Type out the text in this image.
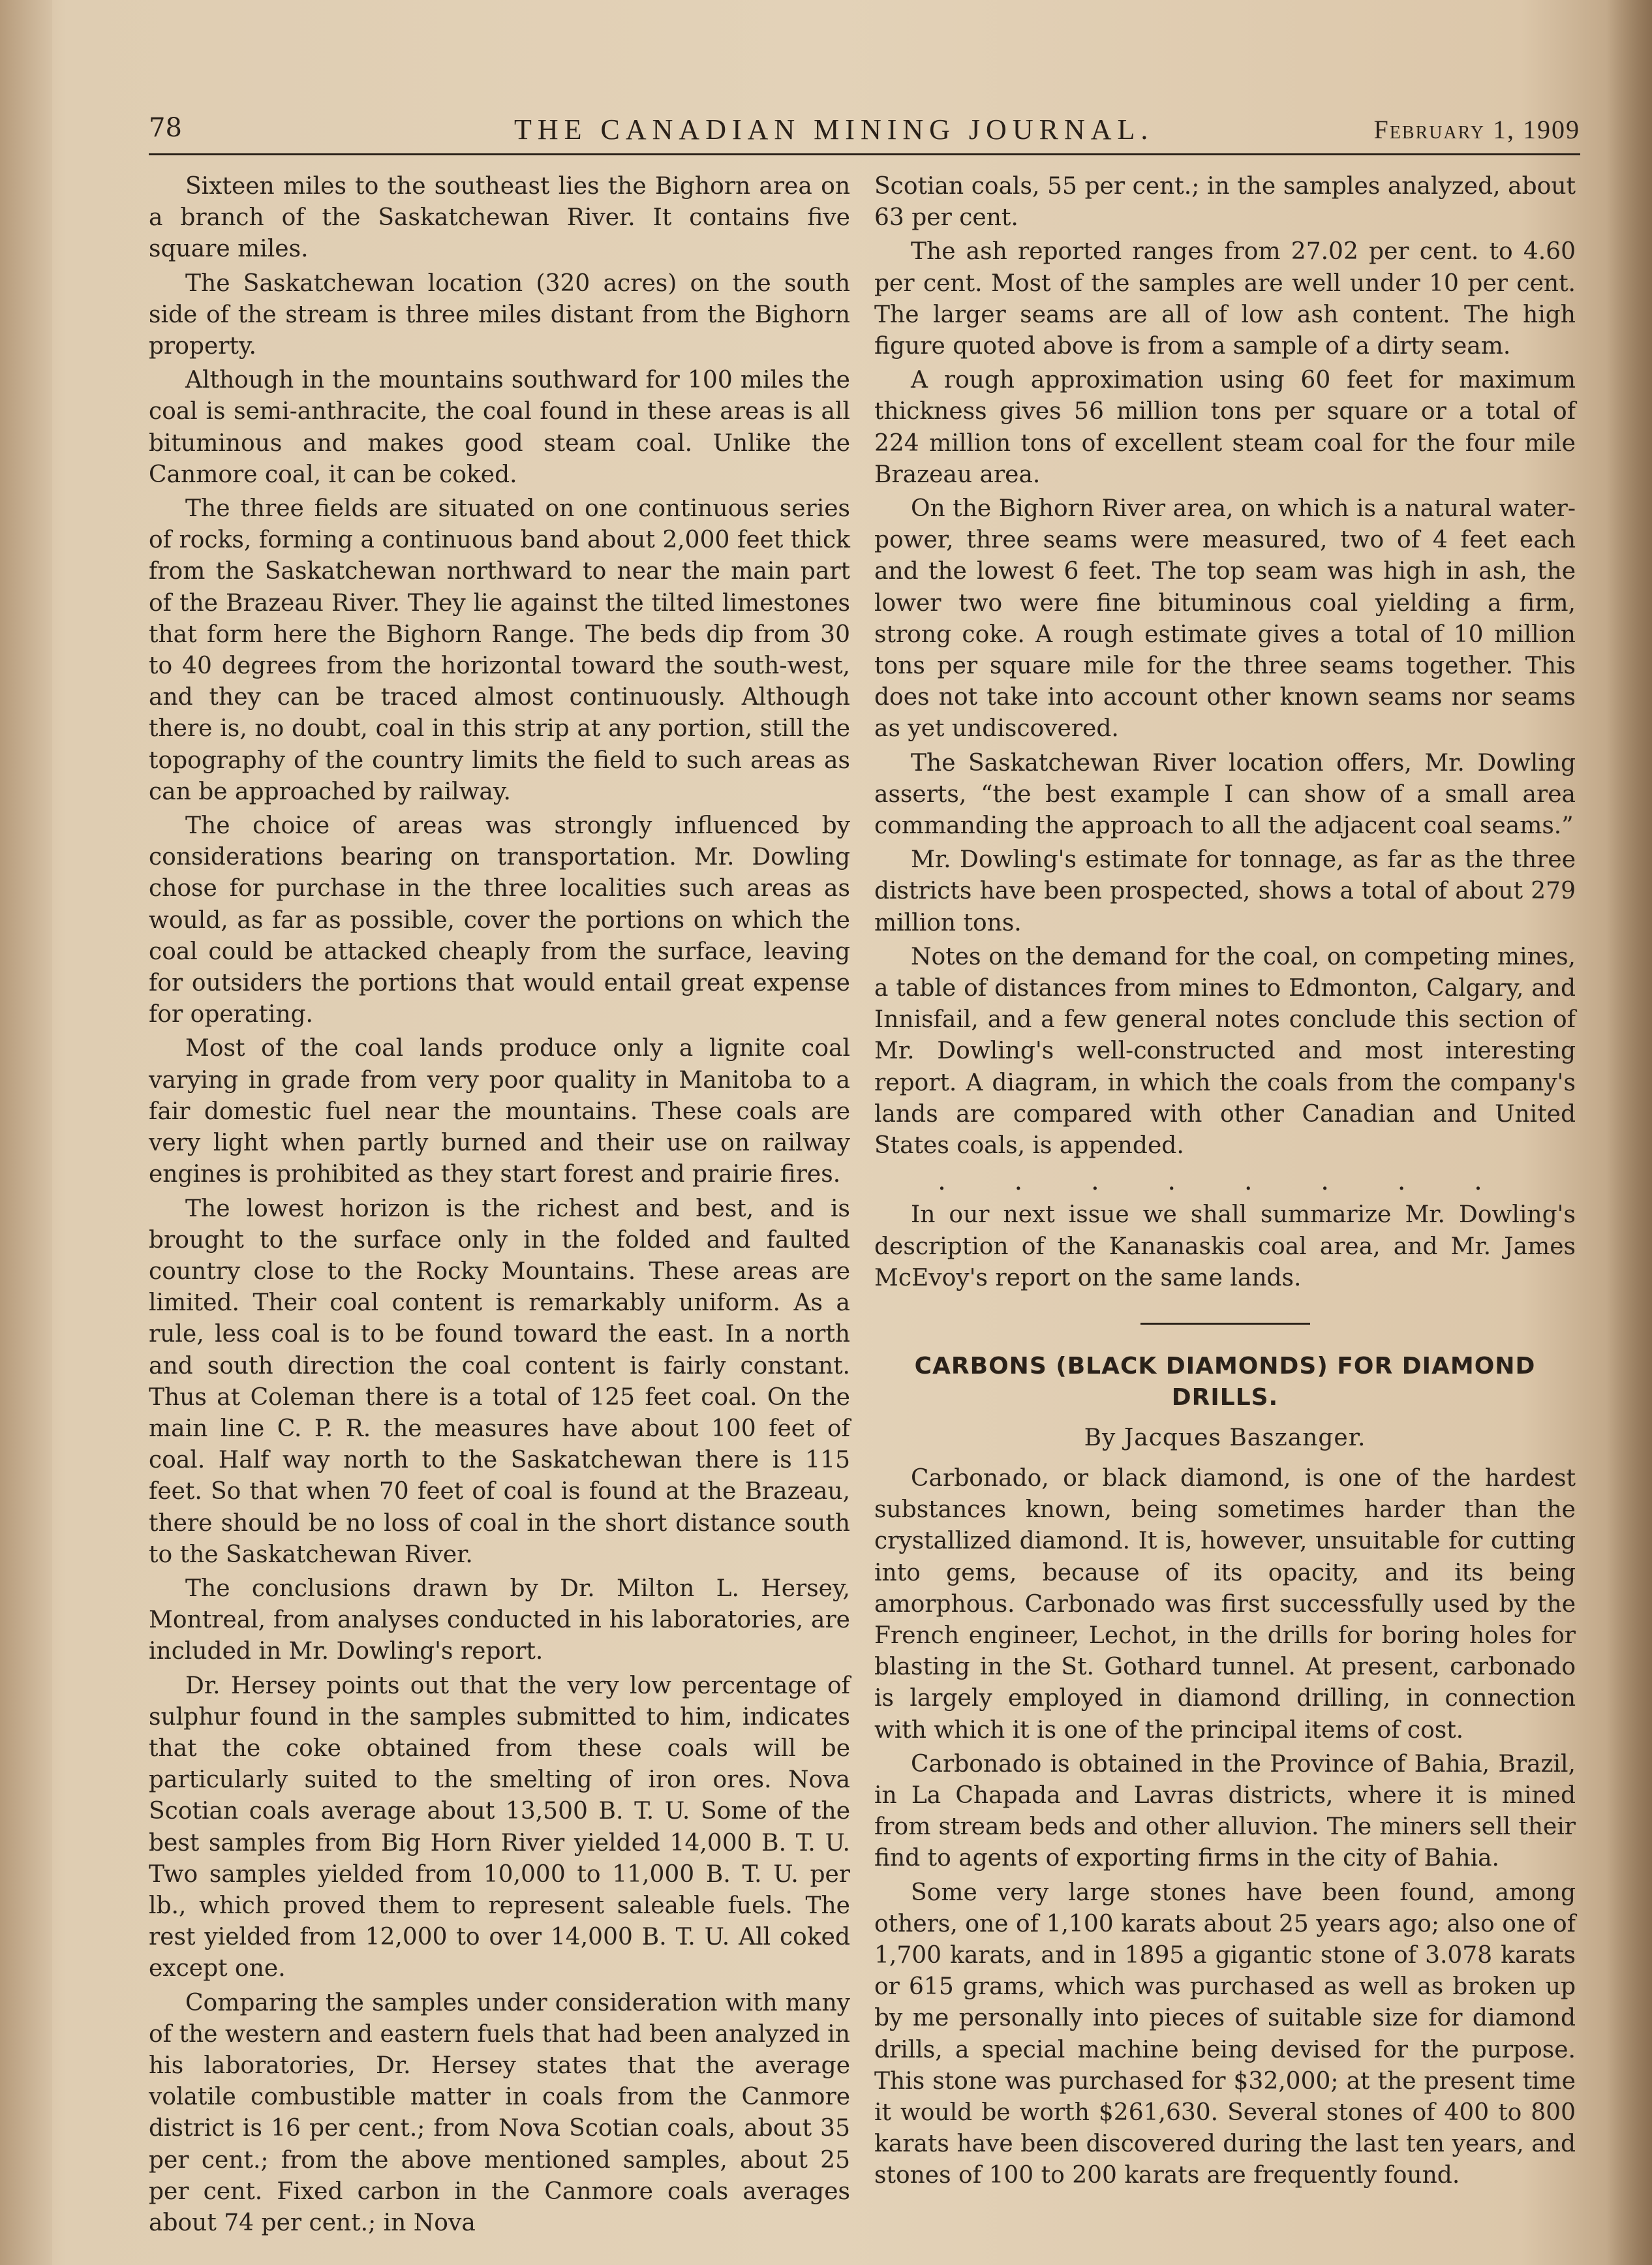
78	THE CANADIAN MINING JOURNAL.	February 1, 1909

Sixteen miles to the southeast lies the Bighorn area on a branch of the Saskatchewan River. It contains five square miles.

The Saskatchewan location (320 acres) on the south side of the stream is three miles distant from the Bighorn property.

Although in the mountains southward for 100 miles the coal is semi-anthracite, the coal found in these areas is all bituminous and makes good steam coal. Unlike the Canmore coal, it can be coked.

The three fields are situated on one continuous series of rocks, forming a continuous band about 2,000 feet thick from the Saskatchewan northward to near the main part of the Brazeau River. They lie against the tilted limestones that form here the Bighorn Range. The beds dip from 30 to 40 degrees from the horizontal toward the south-west, and they can be traced almost continuously. Although there is, no doubt, coal in this strip at any portion, still the topography of the country limits the field to such areas as can be approached by railway.

The choice of areas was strongly influenced by considerations bearing on transportation. Mr. Dowling chose for purchase in the three localities such areas as would, as far as possible, cover the portions on which the coal could be attacked cheaply from the surface, leaving for outsiders the portions that would entail great expense for operating.

Most of the coal lands produce only a lignite coal varying in grade from very poor quality in Manitoba to a fair domestic fuel near the mountains. These coals are very light when partly burned and their use on railway engines is prohibited as they start forest and prairie fires.

The lowest horizon is the richest and best, and is brought to the surface only in the folded and faulted country close to the Rocky Mountains. These areas are limited. Their coal content is remarkably uniform. As a rule, less coal is to be found toward the east. In a north and south direction the coal content is fairly constant. Thus at Coleman there is a total of 125 feet coal. On the main line C. P. R. the measures have about 100 feet of coal. Half way north to the Saskatchewan there is 115 feet. So that when 70 feet of coal is found at the Brazeau, there should be no loss of coal in the short distance south to the Saskatchewan River.

The conclusions drawn by Dr. Milton L. Hersey, Montreal, from analyses conducted in his laboratories, are included in Mr. Dowling's report.

Dr. Hersey points out that the very low percentage of sulphur found in the samples submitted to him, indicates that the coke obtained from these coals will be particularly suited to the smelting of iron ores. Nova Scotian coals average about 13,500 B. T. U. Some of the best samples from Big Horn River yielded 14,000 B. T. U. Two samples yielded from 10,000 to 11,000 B. T. U. per lb., which proved them to represent saleable fuels. The rest yielded from 12,000 to over 14,000 B. T. U. All coked except one.

Comparing the samples under consideration with many of the western and eastern fuels that had been analyzed in his laboratories, Dr. Hersey states that the average volatile combustible matter in coals from the Canmore district is 16 per cent.; from Nova Scotian coals, about 35 per cent.; from the above mentioned samples, about 25 per cent. Fixed carbon in the Canmore coals averages about 74 per cent.; in Nova

Scotian coals, 55 per cent.; in the samples analyzed, about 63 per cent.

The ash reported ranges from 27.02 per cent. to 4.60 per cent. Most of the samples are well under 10 per cent. The larger seams are all of low ash content. The high figure quoted above is from a sample of a dirty seam.

A rough approximation using 60 feet for maximum thickness gives 56 million tons per square or a total of 224 million tons of excellent steam coal for the four mile Brazeau area.

On the Bighorn River area, on which is a natural water-power, three seams were measured, two of 4 feet each and the lowest 6 feet. The top seam was high in ash, the lower two were fine bituminous coal yielding a firm, strong coke. A rough estimate gives a total of 10 million tons per square mile for the three seams together. This does not take into account other known seams nor seams as yet undiscovered.

The Saskatchewan River location offers, Mr. Dowling asserts, “the best example I can show of a small area commanding the approach to all the adjacent coal seams.”

Mr. Dowling's estimate for tonnage, as far as the three districts have been prospected, shows a total of about 279 million tons.

Notes on the demand for the coal, on competing mines, a table of distances from mines to Edmonton, Calgary, and Innisfail, and a few general notes conclude this section of Mr. Dowling's well-constructed and most interesting report. A diagram, in which the coals from the company's lands are compared with other Canadian and United States coals, is appended.

. . . . . . . .

In our next issue we shall summarize Mr. Dowling's description of the Kananaskis coal area, and Mr. James McEvoy's report on the same lands.

CARBONS (BLACK DIAMONDS) FOR DIAMOND DRILLS.
By Jacques Baszanger.

Carbonado, or black diamond, is one of the hardest substances known, being sometimes harder than the crystallized diamond. It is, however, unsuitable for cutting into gems, because of its opacity, and its being amorphous. Carbonado was first successfully used by the French engineer, Lechot, in the drills for boring holes for blasting in the St. Gothard tunnel. At present, carbonado is largely employed in diamond drilling, in connection with which it is one of the principal items of cost.

Carbonado is obtained in the Province of Bahia, Brazil, in La Chapada and Lavras districts, where it is mined from stream beds and other alluvion. The miners sell their find to agents of exporting firms in the city of Bahia.

Some very large stones have been found, among others, one of 1,100 karats about 25 years ago; also one of 1,700 karats, and in 1895 a gigantic stone of 3.078 karats or 615 grams, which was purchased as well as broken up by me personally into pieces of suitable size for diamond drills, a special machine being devised for the purpose. This stone was purchased for $32,000; at the present time it would be worth $261,630. Several stones of 400 to 800 karats have been discovered during the last ten years, and stones of 100 to 200 karats are frequently found.
